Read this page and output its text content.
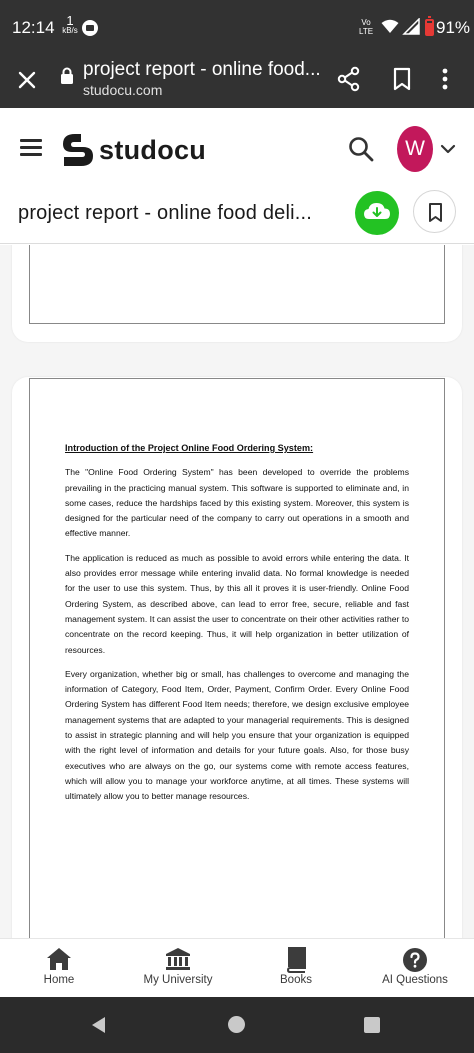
12:14 1
kB/s
Vo
LTE	91%
project report - online food...
studocu.com
studocu	W
project report - online food deli...
Introduction of the Project Online Food Ordering System:

The "Online Food Ordering System" has been developed to override the problems prevailing in the practicing manual system. This software is supported to eliminate and, in some cases, reduce the hardships faced by this existing system. Moreover, this system is designed for the particular need of the company to carry out operations in a smooth and effective manner.

The application is reduced as much as possible to avoid errors while entering the data. It also provides error message while entering invalid data. No formal knowledge is needed for the user to use this system. Thus, by this all it proves it is user-friendly. Online Food Ordering System, as described above, can lead to error free, secure, reliable and fast management system. It can assist the user to concentrate on their other activities rather to concentrate on the record keeping. Thus, it will help organization in better utilization of resources.

Every organization, whether big or small, has challenges to overcome and managing the information of Category, Food Item, Order, Payment, Confirm Order. Every Online Food Ordering System has different Food Item needs; therefore, we design exclusive employee management systems that are adapted to your managerial requirements. This is designed to assist in strategic planning and will help you ensure that your organization is equipped with the right level of information and details for your future goals. Also, for those busy executives who are always on the go, our systems come with remote access features, which will allow you to manage your workforce anytime, at all times. These systems will ultimately allow you to better manage resources.

Home	My University	Books	AI Questions
